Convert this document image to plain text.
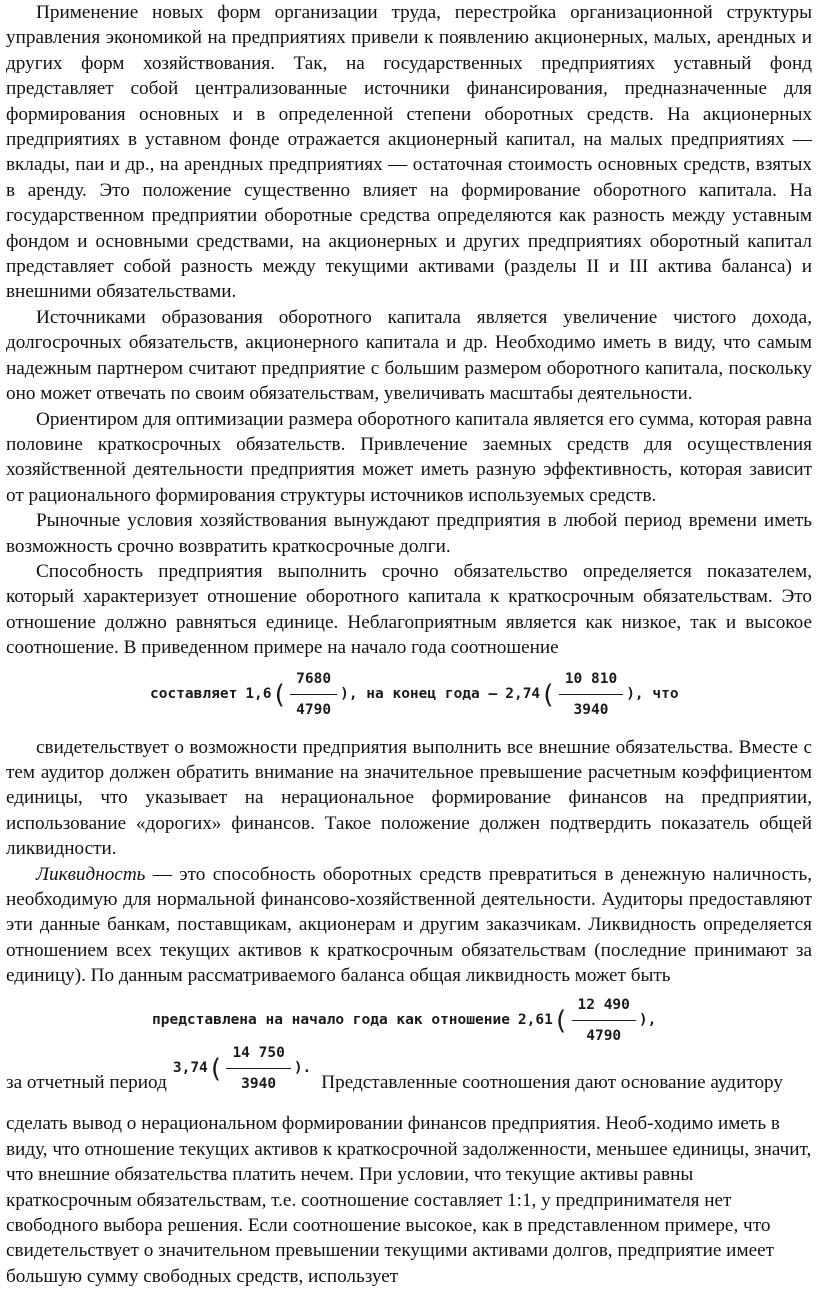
Применение новых форм организации труда, перестройка организационной структуры управления экономикой на предприятиях привели к появлению акционерных, малых, арендных и других форм хозяйствования. Так, на государственных предприятиях уставный фонд представляет собой централизованные источники финансирования, предназначенные для формирования основных и в определенной степени оборотных средств. На акционерных предприятиях в уставном фонде отражается акционерный капитал, на малых предприятиях — вклады, паи и др., на арендных предприятиях — остаточная стоимость основных средств, взятых в аренду. Это положение существенно влияет на формирование оборотного капитала. На государственном предприятии оборотные средства определяются как разность между уставным фондом и основными средствами, на акционерных и других предприятиях оборотный капитал представляет собой разность между текущими активами (разделы II и III актива баланса) и внешними обязательствами.

Источниками образования оборотного капитала является увеличение чистого дохода, долгосрочных обязательств, акционерного капитала и др. Необходимо иметь в виду, что самым надежным партнером считают предприятие с большим размером оборотного капитала, поскольку оно может отвечать по своим обязательствам, увеличивать масштабы деятельности.

Ориентиром для оптимизации размера оборотного капитала является его сумма, которая равна половине краткосрочных обязательств. Привлечение заемных средств для осуществления хозяйственной деятельности предприятия может иметь разную эффективность, которая зависит от рационального формирования структуры источников используемых средств.

Рыночные условия хозяйствования вынуждают предприятия в любой период времени иметь возможность срочно возвратить краткосрочные долги.

Способность предприятия выполнить срочно обязательство определяется показателем, который характеризует отношение оборотного капитала к краткосрочным обязательствам. Это отношение должно равняться единице. Неблагоприятным является как низкое, так и высокое соотношение. В приведенном примере на начало года соотношение

составляет 1,6 ( $\frac{7680}{4790}$ ), на конец года — 2,74 ( $\frac{10 810}{3940}$ ), что

свидетельствует о возможности предприятия выполнить все внешние обязательства. Вместе с тем аудитор должен обратить внимание на значительное превышение расчетным коэффициентом единицы, что указывает на нерациональное формирование финансов на предприятии, использование «дорогих» финансов. Такое положение должен подтвердить показатель общей ликвидности.

Ликвидность — это способность оборотных средств превратиться в денежную наличность, необходимую для нормальной финансово-хозяйственной деятельности. Аудиторы предоставляют эти данные банкам, поставщикам, акционерам и другим заказчикам. Ликвидность определяется отношением всех текущих активов к краткосрочным обязательствам (последние принимают за единицу). По данным рассматриваемого баланса общая ликвидность может быть

представлена на начало года как отношение 2,61 ( $\frac{12 490}{4790}$ ),

за отчетный период
3,74 ( $\frac{14 750}{3940}$ ).
Представленные соотношения дают основание аудитору сделать вывод о нерациональном формировании финансов предприятия. Необ-ходимо иметь в виду, что отношение текущих активов к краткосрочной задолженности, меньшее единицы, значит, что внешние обязательства платить нечем. При условии, что текущие активы равны краткосрочным обязательствам, т.е. соотношение составляет 1:1, у предпринимателя нет свободного выбора решения. Если соотношение высокое, как в представленном примере, что свидетельствует о значительном превышении текущими активами долгов, предприятие имеет большую сумму свободных средств, использует
